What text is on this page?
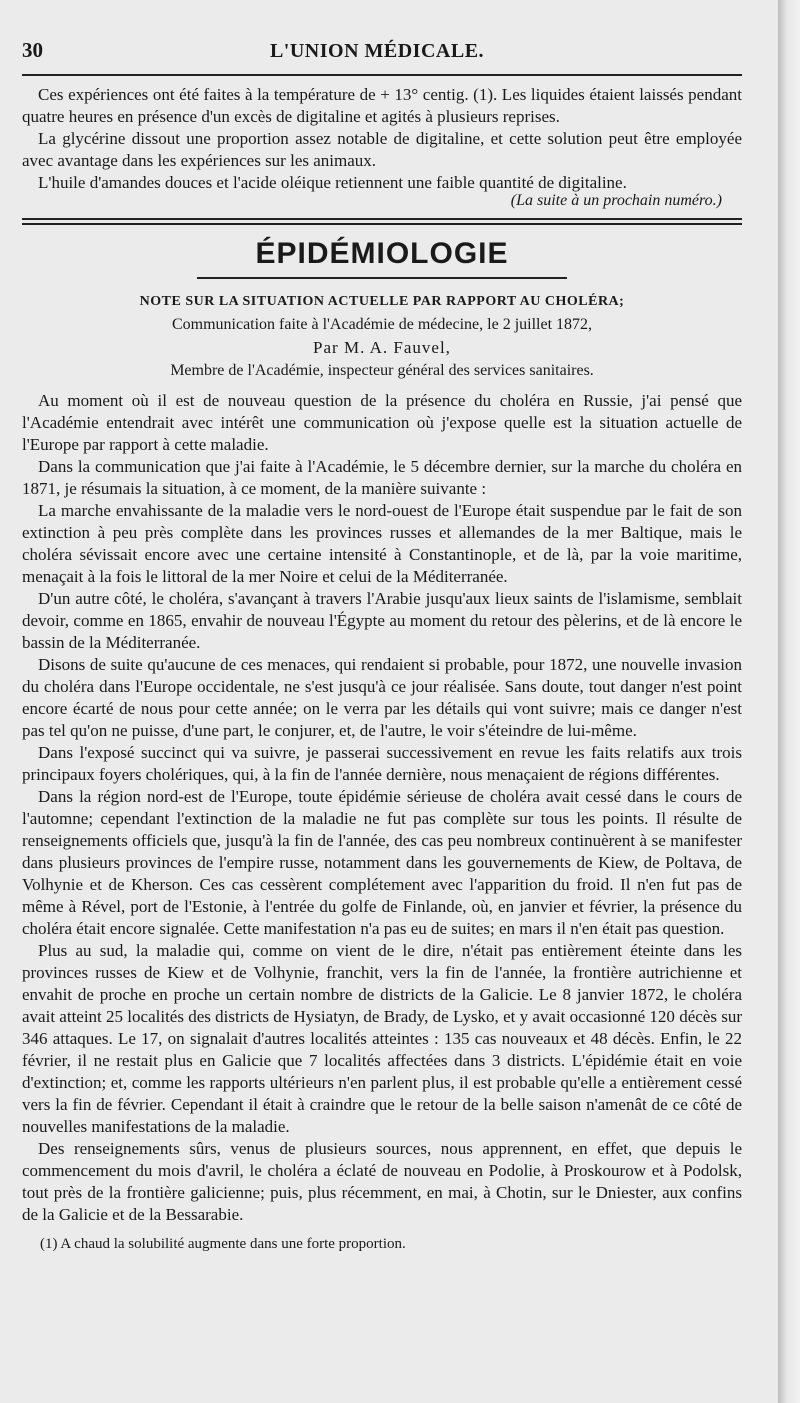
30	L'UNION MÉDICALE.

Ces expériences ont été faites à la température de + 13° centig. (1). Les liquides étaient laissés pendant quatre heures en présence d'un excès de digitaline et agités à plusieurs reprises.

La glycérine dissout une proportion assez notable de digitaline, et cette solution peut être employée avec avantage dans les expériences sur les animaux.

L'huile d'amandes douces et l'acide oléique retiennent une faible quantité de digitaline.

(La suite à un prochain numéro.)
ÉPIDÉMIOLOGIE
NOTE SUR LA SITUATION ACTUELLE PAR RAPPORT AU CHOLÉRA;
Communication faite à l'Académie de médecine, le 2 juillet 1872,
Par M. A. Fauvel,
Membre de l'Académie, inspecteur général des services sanitaires.

Au moment où il est de nouveau question de la présence du choléra en Russie, j'ai pensé que l'Académie entendrait avec intérêt une communication où j'expose quelle est la situation actuelle de l'Europe par rapport à cette maladie.

Dans la communication que j'ai faite à l'Académie, le 5 décembre dernier, sur la marche du choléra en 1871, je résumais la situation, à ce moment, de la manière suivante :

La marche envahissante de la maladie vers le nord-ouest de l'Europe était suspendue par le fait de son extinction à peu près complète dans les provinces russes et allemandes de la mer Baltique, mais le choléra sévissait encore avec une certaine intensité à Constantinople, et de là, par la voie maritime, menaçait à la fois le littoral de la mer Noire et celui de la Méditerranée.

D'un autre côté, le choléra, s'avançant à travers l'Arabie jusqu'aux lieux saints de l'islamisme, semblait devoir, comme en 1865, envahir de nouveau l'Égypte au moment du retour des pèlerins, et de là encore le bassin de la Méditerranée.

Disons de suite qu'aucune de ces menaces, qui rendaient si probable, pour 1872, une nouvelle invasion du choléra dans l'Europe occidentale, ne s'est jusqu'à ce jour réalisée. Sans doute, tout danger n'est point encore écarté de nous pour cette année; on le verra par les détails qui vont suivre; mais ce danger n'est pas tel qu'on ne puisse, d'une part, le conjurer, et, de l'autre, le voir s'éteindre de lui-même.

Dans l'exposé succinct qui va suivre, je passerai successivement en revue les faits relatifs aux trois principaux foyers cholériques, qui, à la fin de l'année dernière, nous menaçaient de régions différentes.

Dans la région nord-est de l'Europe, toute épidémie sérieuse de choléra avait cessé dans le cours de l'automne; cependant l'extinction de la maladie ne fut pas complète sur tous les points. Il résulte de renseignements officiels que, jusqu'à la fin de l'année, des cas peu nombreux continuèrent à se manifester dans plusieurs provinces de l'empire russe, notamment dans les gouvernements de Kiew, de Poltava, de Volhynie et de Kherson. Ces cas cessèrent complétement avec l'apparition du froid. Il n'en fut pas de même à Rével, port de l'Estonie, à l'entrée du golfe de Finlande, où, en janvier et février, la présence du choléra était encore signalée. Cette manifestation n'a pas eu de suites; en mars il n'en était pas question.

Plus au sud, la maladie qui, comme on vient de le dire, n'était pas entièrement éteinte dans les provinces russes de Kiew et de Volhynie, franchit, vers la fin de l'année, la frontière autrichienne et envahit de proche en proche un certain nombre de districts de la Galicie. Le 8 janvier 1872, le choléra avait atteint 25 localités des districts de Hysiatyn, de Brady, de Lysko, et y avait occasionné 120 décès sur 346 attaques. Le 17, on signalait d'autres localités atteintes : 135 cas nouveaux et 48 décès. Enfin, le 22 février, il ne restait plus en Galicie que 7 localités affectées dans 3 districts. L'épidémie était en voie d'extinction; et, comme les rapports ultérieurs n'en parlent plus, il est probable qu'elle a entièrement cessé vers la fin de février. Cependant il était à craindre que le retour de la belle saison n'amenât de ce côté de nouvelles manifestations de la maladie.

Des renseignements sûrs, venus de plusieurs sources, nous apprennent, en effet, que depuis le commencement du mois d'avril, le choléra a éclaté de nouveau en Podolie, à Proskourow et à Podolsk, tout près de la frontière galicienne; puis, plus récemment, en mai, à Chotin, sur le Dniester, aux confins de la Galicie et de la Bessarabie.

(1) A chaud la solubilité augmente dans une forte proportion.
